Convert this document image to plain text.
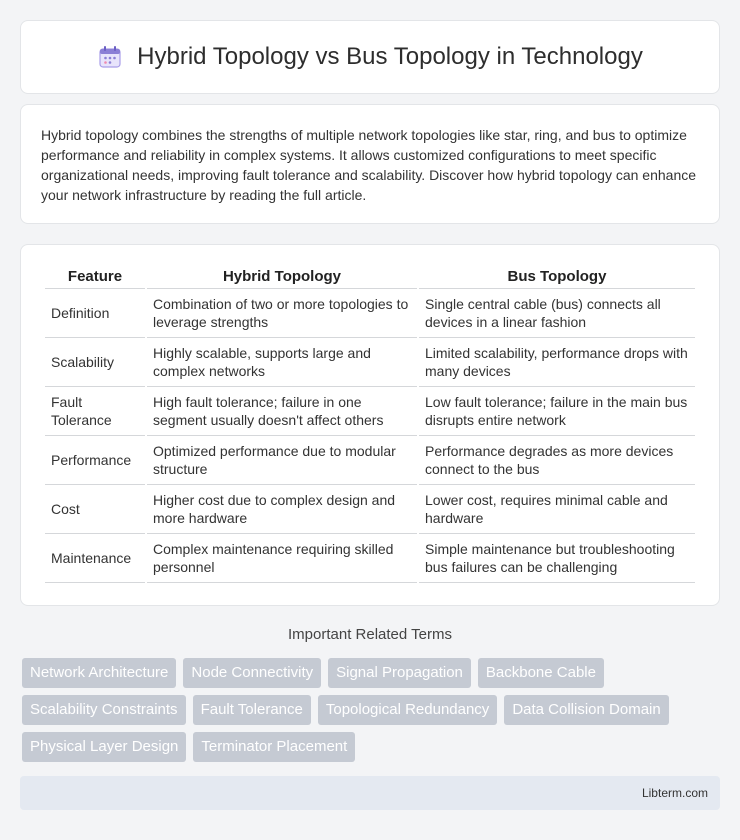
Hybrid Topology vs Bus Topology in Technology

Hybrid topology combines the strengths of multiple network topologies like star, ring, and bus to optimize performance and reliability in complex systems. It allows customized configurations to meet specific organizational needs, improving fault tolerance and scalability. Discover how hybrid topology can enhance your network infrastructure by reading the full article.

Feature	Hybrid Topology	Bus Topology
Definition	Combination of two or more topologies to leverage strengths	Single central cable (bus) connects all devices in a linear fashion
Scalability	Highly scalable, supports large and complex networks	Limited scalability, performance drops with many devices
Fault Tolerance	High fault tolerance; failure in one segment usually doesn't affect others	Low fault tolerance; failure in the main bus disrupts entire network
Performance	Optimized performance due to modular structure	Performance degrades as more devices connect to the bus
Cost	Higher cost due to complex design and more hardware	Lower cost, requires minimal cable and hardware
Maintenance	Complex maintenance requiring skilled personnel	Simple maintenance but troubleshooting bus failures can be challenging
Important Related Terms
Network Architecture	Node Connectivity	Signal Propagation	Backbone Cable
Scalability Constraints	Fault Tolerance	Topological Redundancy	Data Collision Domain
Physical Layer Design	Terminator Placement
Libterm.com
